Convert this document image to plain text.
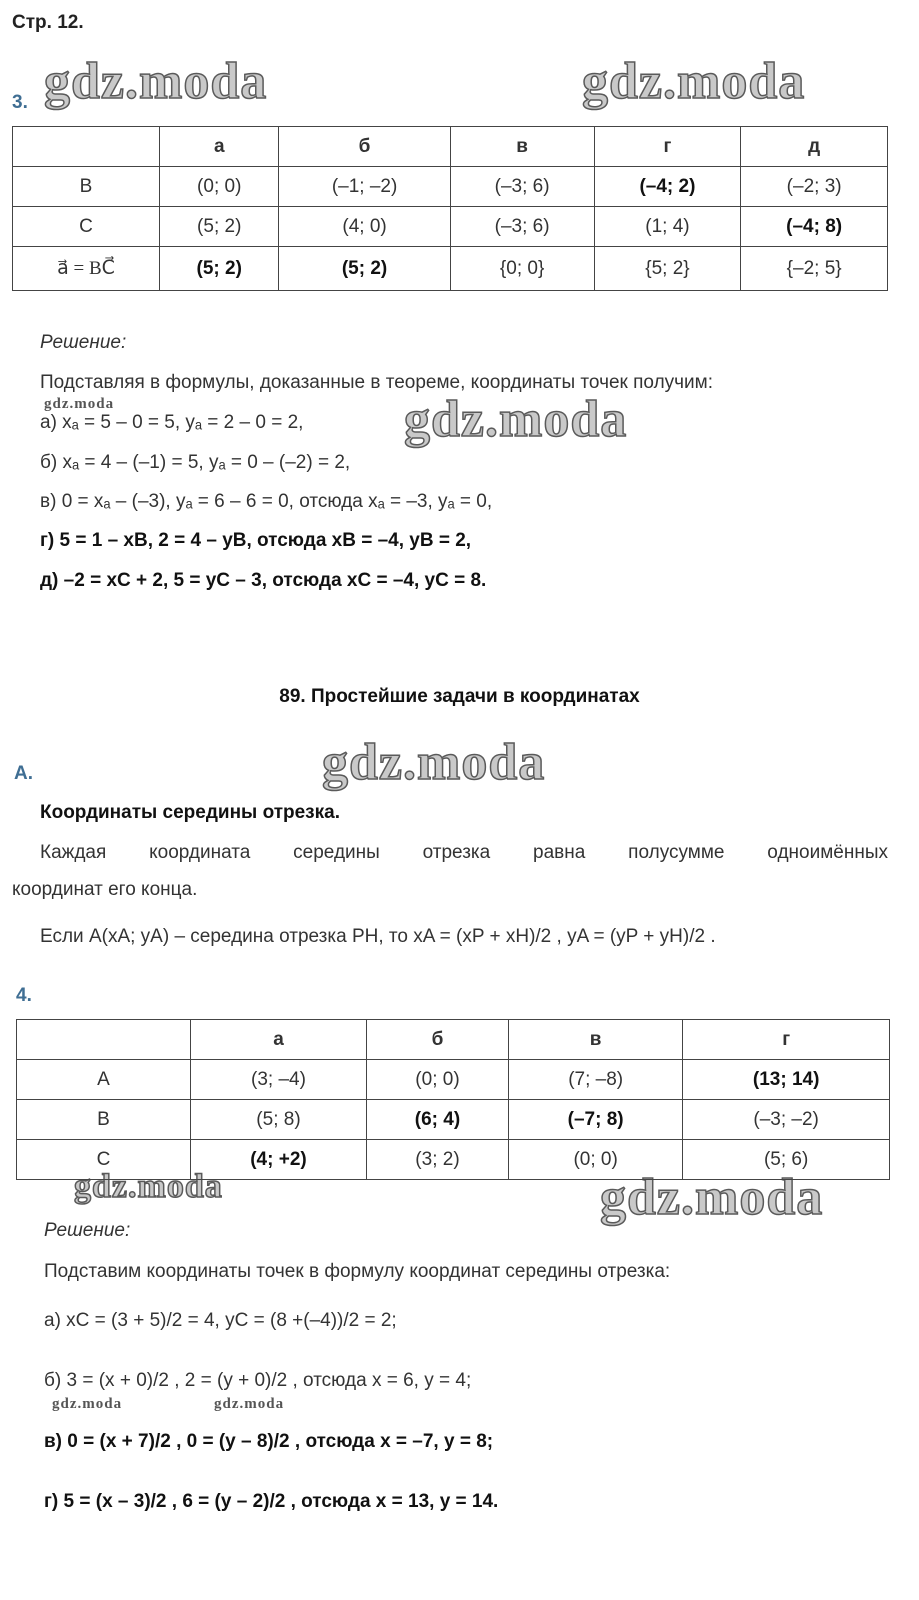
Стр. 12.
gdz.moda	gdz.moda
gdz.moda
gdz.moda
gdz.moda	gdz.moda
gdz.moda
gdz.moda	gdz.moda
3.
	а	б	в	г	д
B	(0; 0)	(–1; –2)	(–3; 6)	(–4; 2)	(–2; 3)
C	(5; 2)	(4; 0)	(–3; 6)	(1; 4)	(–4; 8)
a⃗ = BC⃗	(5; 2)	(5; 2)	{0; 0}	{5; 2}	{–2; 5}
Решение:
Подставляя в формулы, доказанные в теореме, координаты точек получим:
а) xₐ = 5 – 0 = 5, yₐ = 2 – 0 = 2,
б) xₐ = 4 – (–1) = 5, yₐ = 0 – (–2) = 2,
в) 0 = xₐ – (–3), yₐ = 6 – 6 = 0, отсюда xₐ = –3, yₐ = 0,
г) 5 = 1 – xB, 2 = 4 – yB, отсюда xB = –4, yB = 2,
д) –2 = xC + 2, 5 = yC – 3, отсюда xC = –4, yC = 8.
89. Простейшие задачи в координатах
А.
Координаты середины отрезка.
Каждая координата середины отрезка равна полусумме одноимённых
координат его конца.
Если A(xA; yA) – середина отрезка PH, то xA = (xP + xH)/2 , yA = (yP + yH)/2 .
4.
	а	б	в	г
A	(3; –4)	(0; 0)	(7; –8)	(13; 14)
B	(5; 8)	(6; 4)	(–7; 8)	(–3; –2)
C	(4; +2)	(3; 2)	(0; 0)	(5; 6)
Решение:
Подставим координаты точек в формулу координат середины отрезка:
а) xC = (3 + 5)/2 = 4, yC = (8 +(–4))/2 = 2;
б) 3 = (x + 0)/2 , 2 = (y + 0)/2 , отсюда x = 6, y = 4;
в) 0 = (x + 7)/2 , 0 = (y – 8)/2 , отсюда x = –7, y = 8;
г) 5 = (x – 3)/2 , 6 = (y – 2)/2 , отсюда x = 13, y = 14.
